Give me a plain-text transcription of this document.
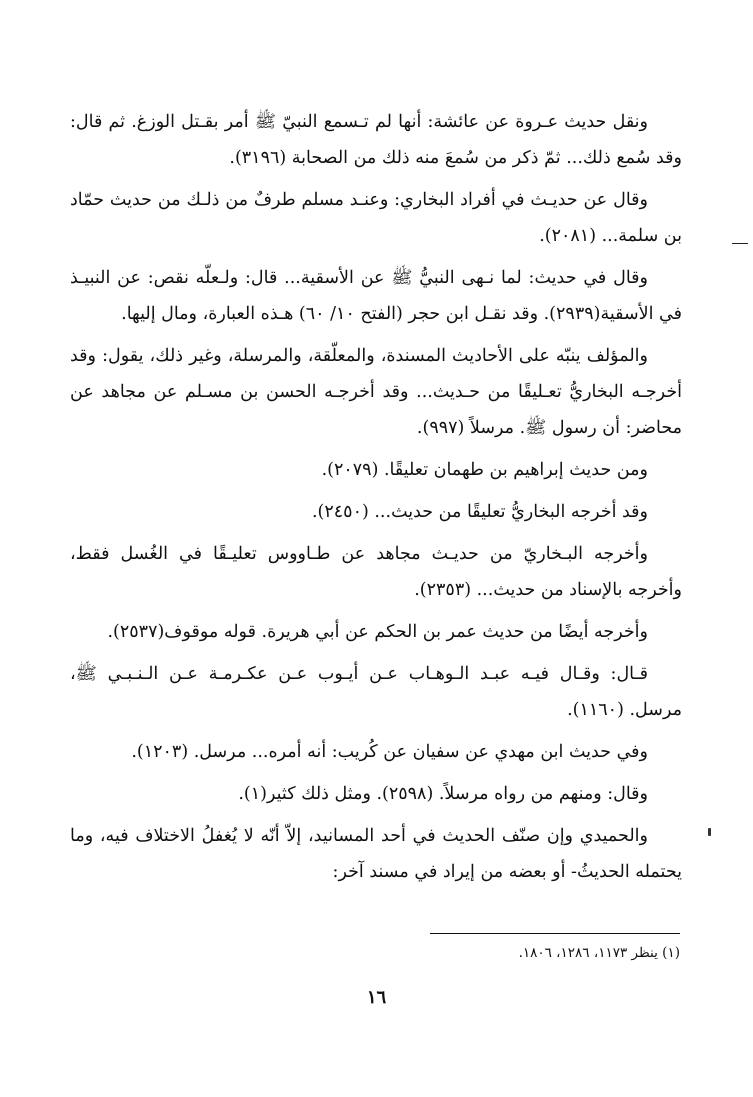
ونقل حديث عـروة عن عائشة: أنها لم تـسمع النبيّ ﷺ أمر بقـتل الوزغ. ثم قال: وقد سُمع ذلك... ثمّ ذكر من سُمعَ منه ذلك من الصحابة (٣١٩٦).

وقال عن حديـث في أفراد البخاري: وعنـد مسلم طرفٌ من ذلـك من حديث حمّاد بن سلمة... (٢٠٨١).

وقال في حديث: لما نـهى النبيُّ ﷺ عن الأسقية... قال: ولـعلّه نقص: عن النبيـذ في الأسقية(٢٩٣٩). وقد نقـل ابن حجر (الفتح ١٠/ ٦٠) هـذه العبارة، ومال إليها.

والمؤلف ينبّه على الأحاديث المسندة، والمعلّقة، والمرسلة، وغير ذلك، يقول: وقد أخرجـه البخاريُّ تعـليقًا من حـديث... وقد أخرجـه الحسن بن مسـلم عن مجاهد عن محاضر: أن رسول ﷺ. مرسلاً (٩٩٧).

ومن حديث إبراهيم بن طهمان تعليقًا. (٢٠٧٩).

وقد أخرجه البخاريُّ تعليقًا من حديث... (٢٤٥٠).

وأخرجه البـخاريّ من حديـث مجاهد عن طـاووس تعليـقًا في الغُسل فقط، وأخرجه بالإسناد من حديث... (٢٣٥٣).

وأخرجه أيضًا من حديث عمر بن الحكم عن أبي هريرة. قوله موقوف(٢٥٣٧).

قـال: وقـال فيـه عبـد الـوهـاب عـن أيـوب عـن عكـرمـة عـن الـنـبـي ﷺ، مرسل. (١١٦٠).

وفي حديث ابن مهدي عن سفيان عن كُريب: أنه أمره... مرسل. (١٢٠٣).

وقال: ومنهم من رواه مرسلاً. (٢٥٩٨). ومثل ذلك كثير(١).

والحميدي وإن صنّف الحديث في أحد المسانيد، إلاّ أنّه لا يُغفلُ الاختلاف فيه، وما يحتمله الحديثُ- أو بعضه من إيراد في مسند آخر:

(١) ينظر ١١٧٣، ١٢٨٦، ١٨٠٦.
١٦
